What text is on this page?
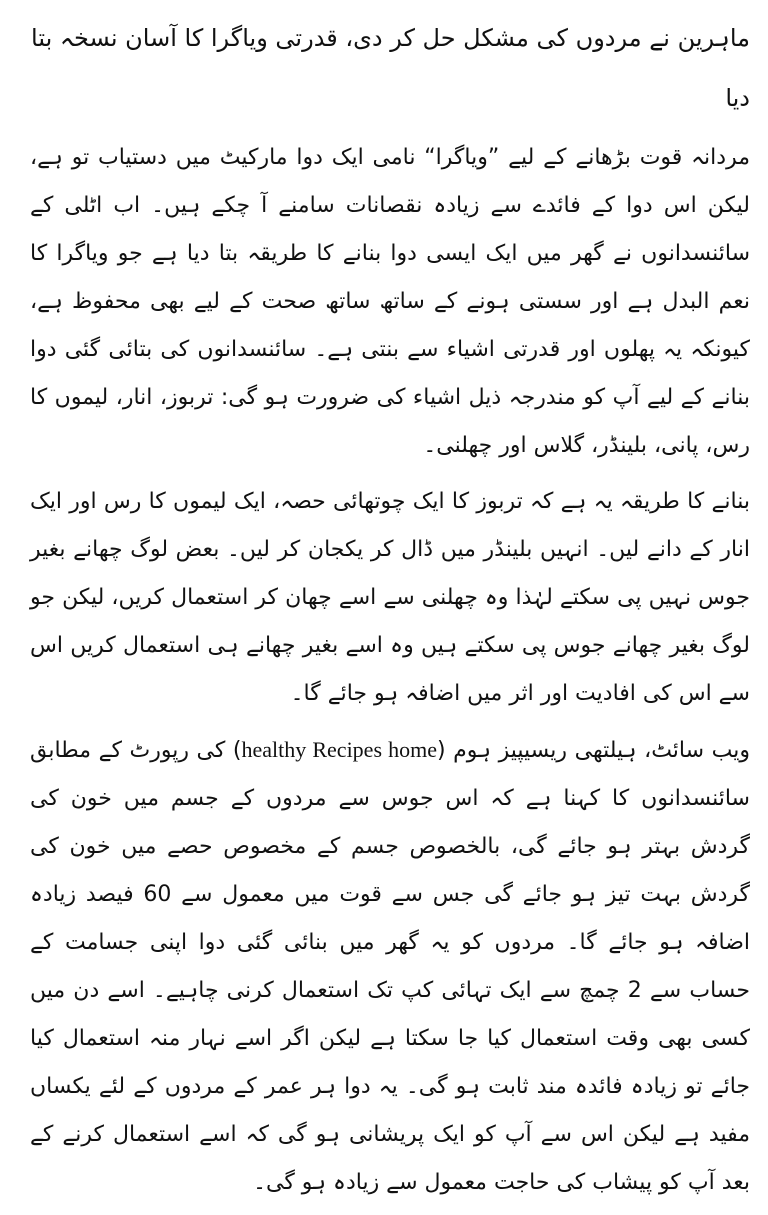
ماہرین نے مردوں کی مشکل حل کر دی، قدرتی ویاگرا کا آسان نسخہ بتا دیا

مردانہ قوت بڑھانے کے لیے ”ویاگرا“ نامی ایک دوا مارکیٹ میں دستیاب تو ہے، لیکن اس دوا کے فائدے سے زیادہ نقصانات سامنے آ چکے ہیں۔ اب اٹلی کے سائنسدانوں نے گھر میں ایک ایسی دوا بنانے کا طریقہ بتا دیا ہے جو ویاگرا کا نعم البدل ہے اور سستی ہونے کے ساتھ ساتھ صحت کے لیے بھی محفوظ ہے، کیونکہ یہ پھلوں اور قدرتی اشیاء سے بنتی ہے۔ سائنسدانوں کی بتائی گئی دوا بنانے کے لیے آپ کو مندرجہ ذیل اشیاء کی ضرورت ہو گی: تربوز، انار، لیموں کا رس، پانی، بلینڈر، گلاس اور چھلنی۔

بنانے کا طریقہ یہ ہے کہ تربوز کا ایک چوتھائی حصہ، ایک لیموں کا رس اور ایک انار کے دانے لیں۔ انہیں بلینڈر میں ڈال کر یکجان کر لیں۔ بعض لوگ چھانے بغیر جوس نہیں پی سکتے لہٰذا وہ چھلنی سے اسے چھان کر استعمال کریں، لیکن جو لوگ بغیر چھانے جوس پی سکتے ہیں وہ اسے بغیر چھانے ہی استعمال کریں اس سے اس کی افادیت اور اثر میں اضافہ ہو جائے گا۔

ویب سائٹ، ہیلتھی ریسیپیز ہوم (healthy Recipes home) کی رپورٹ کے مطابق سائنسدانوں کا کہنا ہے کہ اس جوس سے مردوں کے جسم میں خون کی گردش بہتر ہو جائے گی، بالخصوص جسم کے مخصوص حصے میں خون کی گردش بہت تیز ہو جائے گی جس سے قوت میں معمول سے 60 فیصد زیادہ اضافہ ہو جائے گا۔ مردوں کو یہ گھر میں بنائی گئی دوا اپنی جسامت کے حساب سے 2 چمچ سے ایک تہائی کپ تک استعمال کرنی چاہیے۔ اسے دن میں کسی بھی وقت استعمال کیا جا سکتا ہے لیکن اگر اسے نہار منہ استعمال کیا جائے تو زیادہ فائدہ مند ثابت ہو گی۔ یہ دوا ہر عمر کے مردوں کے لئے یکساں مفید ہے لیکن اس سے آپ کو ایک پریشانی ہو گی کہ اسے استعمال کرنے کے بعد آپ کو پیشاب کی حاجت معمول سے زیادہ ہو گی۔
